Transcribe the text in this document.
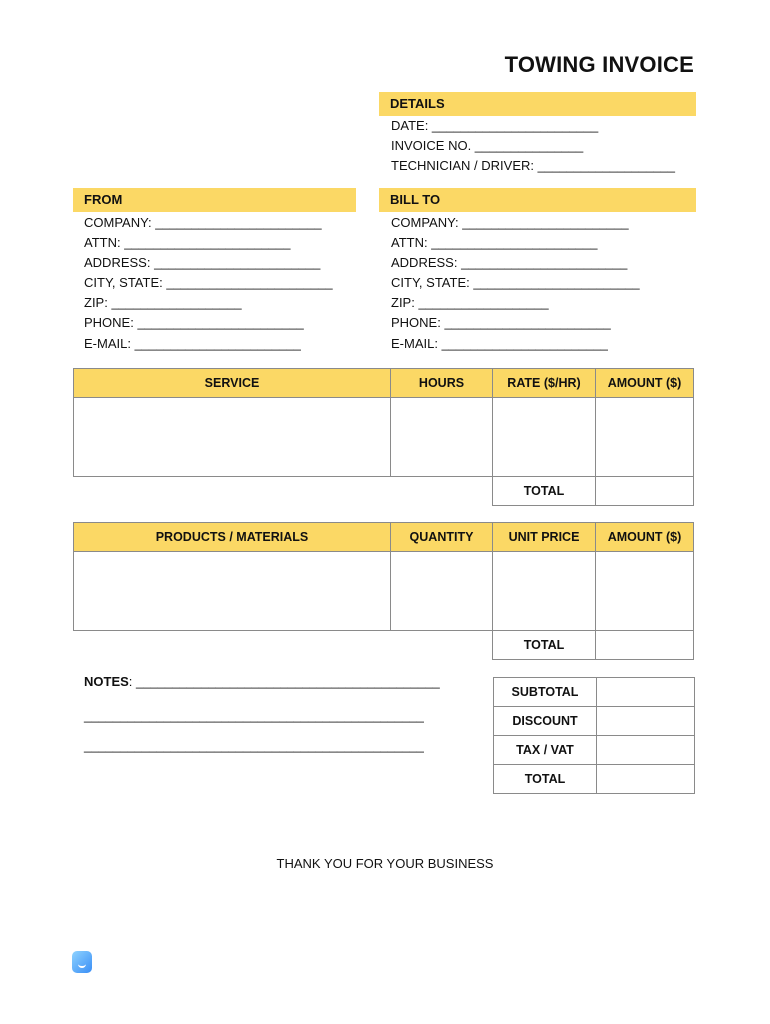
TOWING INVOICE
DETAILS
DATE: _______________________
INVOICE NO. _______________
TECHNICIAN / DRIVER: ___________________
FROM
COMPANY: _______________________
ATTN: _______________________
ADDRESS: _______________________
CITY, STATE: _______________________
ZIP: __________________
PHONE: _______________________
E-MAIL: _______________________
BILL TO
COMPANY: _______________________
ATTN: _______________________
ADDRESS: _______________________
CITY, STATE: _______________________
ZIP: __________________
PHONE: _______________________
E-MAIL: _______________________
SERVICE	HOURS	RATE ($/HR)	AMOUNT ($)

		TOTAL	
PRODUCTS / MATERIALS	QUANTITY	UNIT PRICE	AMOUNT ($)

		TOTAL	
NOTES: __________________________________________
_______________________________________________
_______________________________________________
SUBTOTAL	
DISCOUNT	
TAX / VAT	
TOTAL	
THANK YOU FOR YOUR BUSINESS
